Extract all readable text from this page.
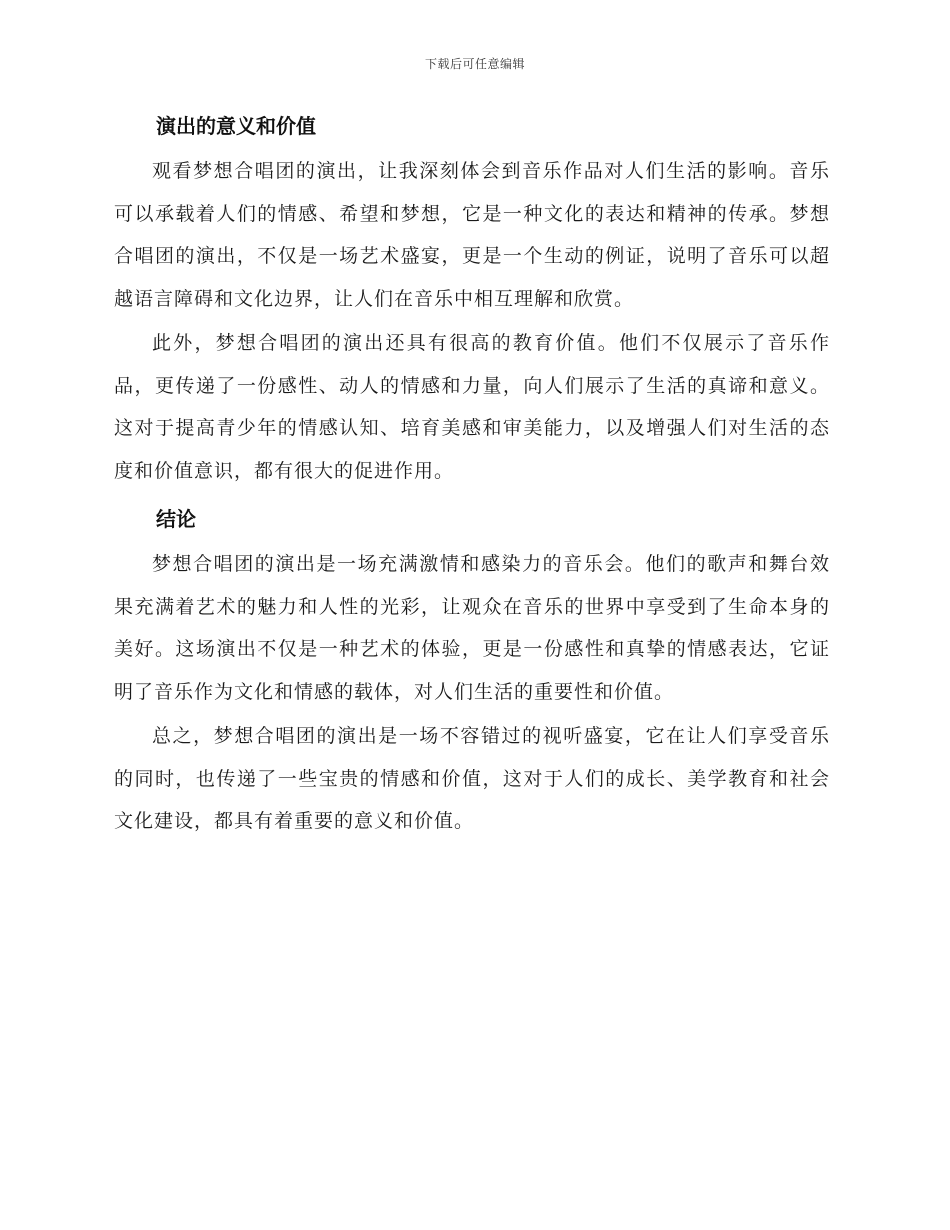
下载后可任意编辑
演出的意义和价值

观看梦想合唱团的演出，让我深刻体会到音乐作品对人们生活的影响。音乐可以承载着人们的情感、希望和梦想，它是一种文化的表达和精神的传承。梦想合唱团的演出，不仅是一场艺术盛宴，更是一个生动的例证，说明了音乐可以超越语言障碍和文化边界，让人们在音乐中相互理解和欣赏。

此外，梦想合唱团的演出还具有很高的教育价值。他们不仅展示了音乐作品，更传递了一份感性、动人的情感和力量，向人们展示了生活的真谛和意义。这对于提高青少年的情感认知、培育美感和审美能力，以及增强人们对生活的态度和价值意识，都有很大的促进作用。

结论

梦想合唱团的演出是一场充满激情和感染力的音乐会。他们的歌声和舞台效果充满着艺术的魅力和人性的光彩，让观众在音乐的世界中享受到了生命本身的美好。这场演出不仅是一种艺术的体验，更是一份感性和真挚的情感表达，它证明了音乐作为文化和情感的载体，对人们生活的重要性和价值。

总之，梦想合唱团的演出是一场不容错过的视听盛宴，它在让人们享受音乐的同时，也传递了一些宝贵的情感和价值，这对于人们的成长、美学教育和社会文化建设，都具有着重要的意义和价值。
